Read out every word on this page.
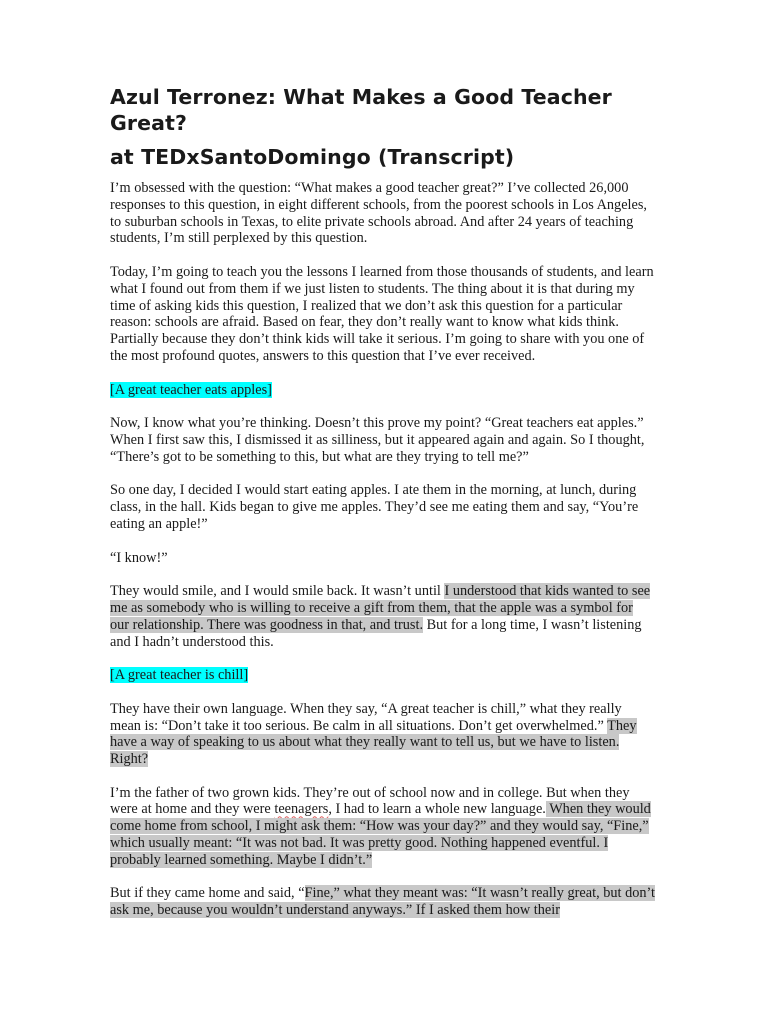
Azul Terronez: What Makes a Good Teacher Great?
at TEDxSantoDomingo (Transcript)

I’m obsessed with the question: “What makes a good teacher great?” I’ve collected 26,000 responses to this question, in eight different schools, from the poorest schools in Los Angeles, to suburban schools in Texas, to elite private schools abroad. And after 24 years of teaching students, I’m still perplexed by this question.

Today, I’m going to teach you the lessons I learned from those thousands of students, and learn what I found out from them if we just listen to students. The thing about it is that during my time of asking kids this question, I realized that we don’t ask this question for a particular reason: schools are afraid. Based on fear, they don’t really want to know what kids think. Partially because they don’t think kids will take it serious. I’m going to share with you one of the most profound quotes, answers to this question that I’ve ever received.

[A great teacher eats apples]

Now, I know what you’re thinking. Doesn’t this prove my point? “Great teachers eat apples.” When I first saw this, I dismissed it as silliness, but it appeared again and again. So I thought, “There’s got to be something to this, but what are they trying to tell me?”

So one day, I decided I would start eating apples. I ate them in the morning, at lunch, during class, in the hall. Kids began to give me apples. They’d see me eating them and say, “You’re eating an apple!”

“I know!”

They would smile, and I would smile back. It wasn’t until I understood that kids wanted to see me as somebody who is willing to receive a gift from them, that the apple was a symbol for our relationship. There was goodness in that, and trust. But for a long time, I wasn’t listening and I hadn’t understood this.

[A great teacher is chill]

They have their own language. When they say, “A great teacher is chill,” what they really mean is: “Don’t take it too serious. Be calm in all situations. Don’t get overwhelmed.” They have a way of speaking to us about what they really want to tell us, but we have to listen. Right?

I’m the father of two grown kids. They’re out of school now and in college. But when they were at home and they were teenagers, I had to learn a whole new language. When they would come home from school, I might ask them: “How was your day?” and they would say, “Fine,” which usually meant: “It was not bad. It was pretty good. Nothing happened eventful. I probably learned something. Maybe I didn’t.”

But if they came home and said, “Fine,” what they meant was: “It wasn’t really great, but don’t ask me, because you wouldn’t understand anyways.” If I asked them how their
